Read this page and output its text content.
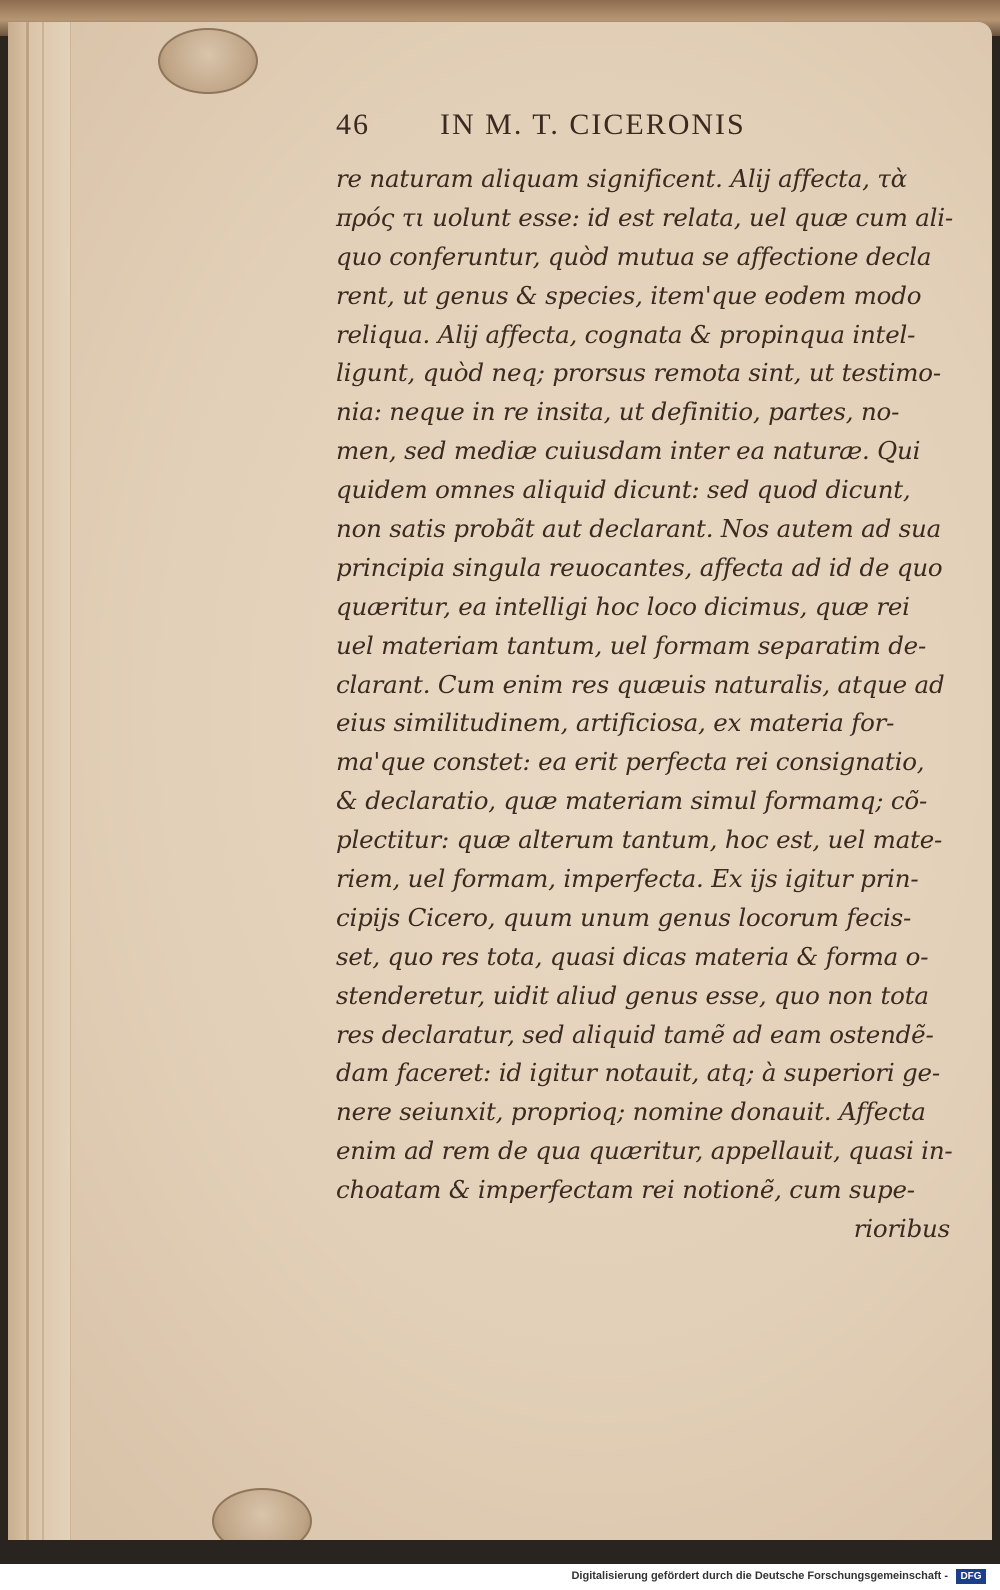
46	IN M. T. CICERONIS
re naturam aliquam significent. Alij affecta, τὰ
πρός τι uolunt esse: id est relata, uel quæ cum ali-
quo conferuntur, quòd mutua se affectione decla
rent, ut genus & species, item'que eodem modo
reliqua. Alij affecta, cognata & propinqua intel-
ligunt, quòd neq; prorsus remota sint, ut testimo-
nia: neque in re insita, ut definitio, partes, no-
men, sed mediæ cuiusdam inter ea naturæ. Qui
quidem omnes aliquid dicunt: sed quod dicunt,
non satis probãt aut declarant. Nos autem ad sua
principia singula reuocantes, affecta ad id de quo
quæritur, ea intelligi hoc loco dicimus, quæ rei
uel materiam tantum, uel formam separatim de-
clarant. Cum enim res quæuis naturalis, atque ad
eius similitudinem, artificiosa, ex materia for-
ma'que constet: ea erit perfecta rei consignatio,
& declaratio, quæ materiam simul formamq; cõ-
plectitur: quæ alterum tantum, hoc est, uel mate-
riem, uel formam, imperfecta. Ex ijs igitur prin-
cipijs Cicero, quum unum genus locorum fecis-
set, quo res tota, quasi dicas materia & forma o-
stenderetur, uidit aliud genus esse, quo non tota
res declaratur, sed aliquid tamẽ ad eam ostendẽ-
dam faceret: id igitur notauit, atq; à superiori ge-
nere seiunxit, proprioq; nomine donauit. Affecta
enim ad rem de qua quæritur, appellauit, quasi in-
choatam & imperfectam rei notionẽ, cum supe-
rioribus
Digitalisierung gefördert durch die Deutsche Forschungsgemeinschaft -	DFG
